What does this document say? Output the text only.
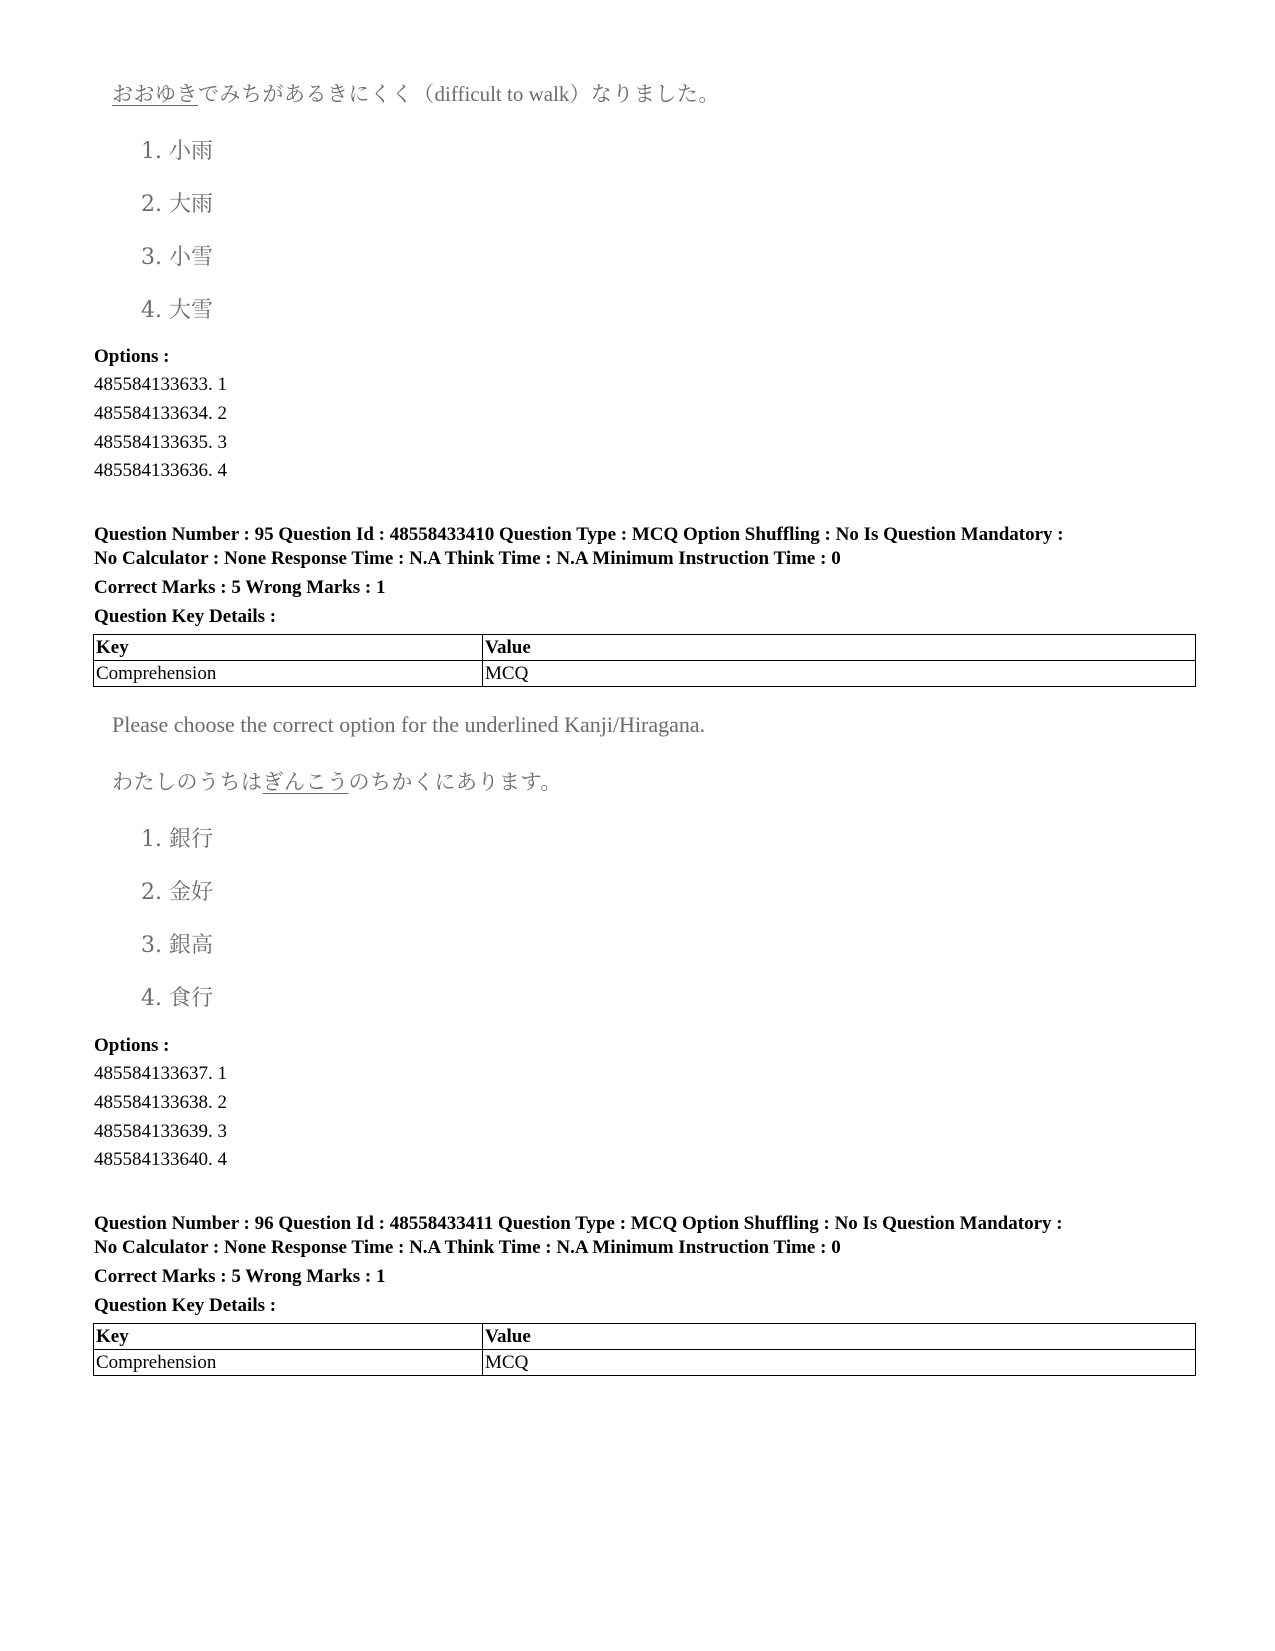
おおゆきでみちがあるきにくく（difficult to walk）なりました。
1. 小雨
2. 大雨
3. 小雪
4. 大雪
Options :
485584133633. 1
485584133634. 2
485584133635. 3
485584133636. 4
Question Number : 95 Question Id : 48558433410 Question Type : MCQ Option Shuffling : No Is Question Mandatory :
No Calculator : None Response Time : N.A Think Time : N.A Minimum Instruction Time : 0
Correct Marks : 5 Wrong Marks : 1
Question Key Details :
Key	Value
Comprehension	MCQ
Please choose the correct option for the underlined Kanji/Hiragana.
わたしのうちはぎんこうのちかくにあります。
1. 銀行
2. 金好
3. 銀高
4. 食行
Options :
485584133637. 1
485584133638. 2
485584133639. 3
485584133640. 4
Question Number : 96 Question Id : 48558433411 Question Type : MCQ Option Shuffling : No Is Question Mandatory :
No Calculator : None Response Time : N.A Think Time : N.A Minimum Instruction Time : 0
Correct Marks : 5 Wrong Marks : 1
Question Key Details :
Key	Value
Comprehension	MCQ
